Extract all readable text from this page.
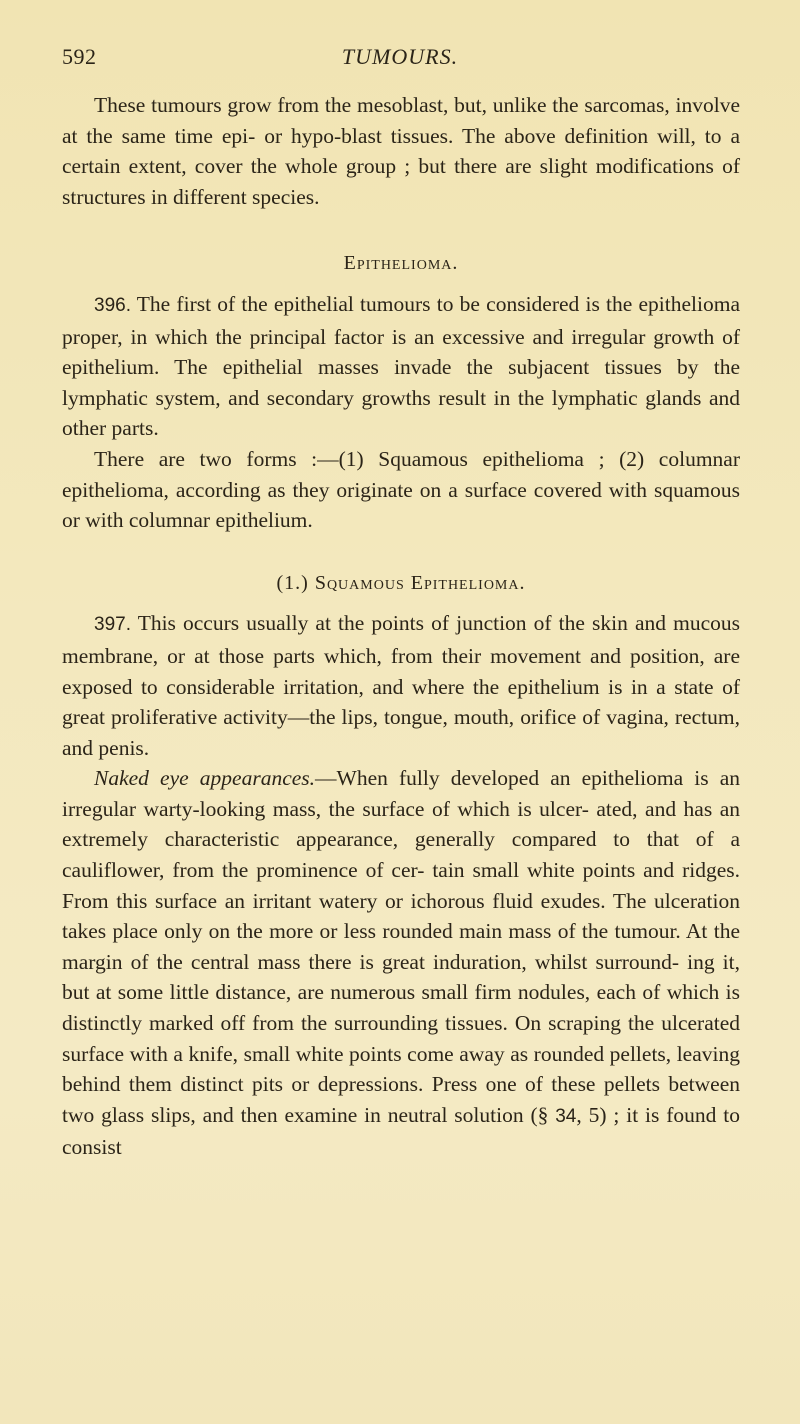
592	TUMOURS.

These tumours grow from the mesoblast, but, unlike the sarcomas, involve at the same time epi- or hypo-blast tissues. The above definition will, to a certain extent, cover the whole group ; but there are slight modifications of structures in different species.

Epithelioma.

396. The first of the epithelial tumours to be considered is the epithelioma proper, in which the principal factor is an excessive and irregular growth of epithelium. The epithelial masses invade the subjacent tissues by the lymphatic system, and secondary growths result in the lymphatic glands and other parts.

There are two forms :—(1) Squamous epithelioma ; (2) columnar epithelioma, according as they originate on a surface covered with squamous or with columnar epithelium.

(1.) Squamous Epithelioma.

397. This occurs usually at the points of junction of the skin and mucous membrane, or at those parts which, from their movement and position, are exposed to considerable irritation, and where the epithelium is in a state of great proliferative activity—the lips, tongue, mouth, orifice of vagina, rectum, and penis.

Naked eye appearances.—When fully developed an epithelioma is an irregular warty-looking mass, the surface of which is ulcer- ated, and has an extremely characteristic appearance, generally compared to that of a cauliflower, from the prominence of cer- tain small white points and ridges. From this surface an irritant watery or ichorous fluid exudes. The ulceration takes place only on the more or less rounded main mass of the tumour. At the margin of the central mass there is great induration, whilst surround- ing it, but at some little distance, are numerous small firm nodules, each of which is distinctly marked off from the surrounding tissues. On scraping the ulcerated surface with a knife, small white points come away as rounded pellets, leaving behind them distinct pits or depressions. Press one of these pellets between two glass slips, and then examine in neutral solution (§ 34, 5) ; it is found to consist
